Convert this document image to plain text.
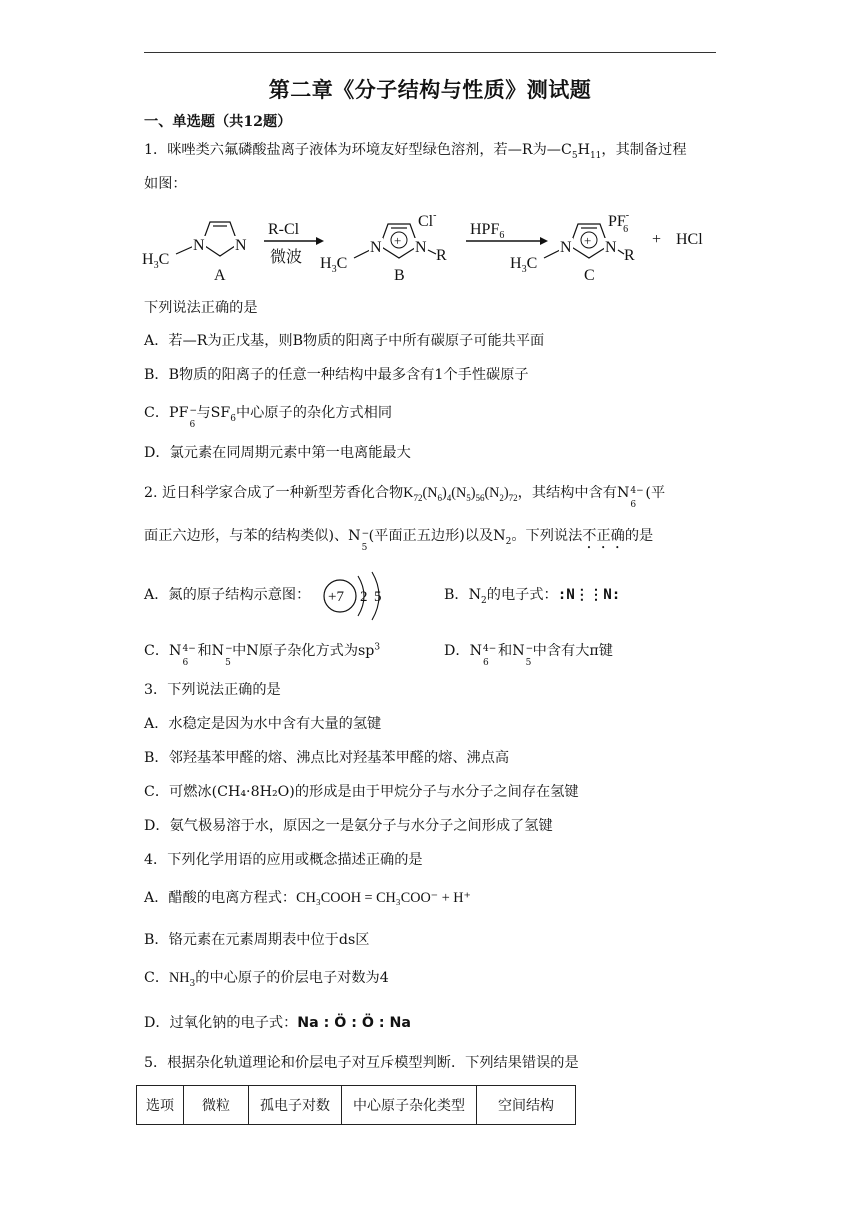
第二章《分子结构与性质》测试题
一、单选题（共12题）
1．咪唑类六氟磷酸盐离子液体为环境友好型绿色溶剂，若—R为$—C_5H_{11}$，其制备过程
如图：
$H_3C$
N N
A
R-Cl
微波 $H_3C$
+
N N R
Cl-
B
$HPF_6$
$H_3C$
+
N N R
PF-6
C
+ HCl
下列说法正确的是
A．若—R为正戊基，则B物质的阳离子中所有碳原子可能共平面
B．B物质的阳离子的任意一种结构中最多含有1个手性碳原子
C．PF −
6
与$SF_6$中心原子的杂化方式相同
D．氯元素在同周期元素中第一电离能最大
2. 近日科学家合成了一种新型芳香化合物$K_{72}(N_6)_4(N_5)_{56}(N_2)_{72}$，其结构中含有N 4−
6
(平
面正六边形，与苯的结构类似)、N −
5
(平面正五边形)以及$N_2$。下列说法不正确的是
A．氮的原子结构示意图： +7 2 5	B．$N_2$的电子式：:N⋮⋮N:
C．N 4−
6
和N −
5
中N原子杂化方式为$sp^3$	D．N 4−
6
和N −
5
中含有大π键
3．下列说法正确的是
A．水稳定是因为水中含有大量的氢键
B．邻羟基苯甲醛的熔、沸点比对羟基苯甲醛的熔、沸点高
C．可燃冰(CH₄·8H₂O)的形成是由于甲烷分子与水分子之间存在氢键
D．氨气极易溶于水，原因之一是氨分子与水分子之间形成了氢键
4．下列化学用语的应用或概念描述正确的是
A．醋酸的电离方程式：CH₃COOH = CH₃COO⁻ + H⁺
B．铬元素在元素周期表中位于ds区
C．$NH_3$的中心原子的价层电子对数为4
D．过氧化钠的电子式：Na : Ö : Ö : Na
5．根据杂化轨道理论和价层电子对互斥模型判断．下列结果错误的是
选项	微粒	孤电子对数	中心原子杂化类型	空间结构
